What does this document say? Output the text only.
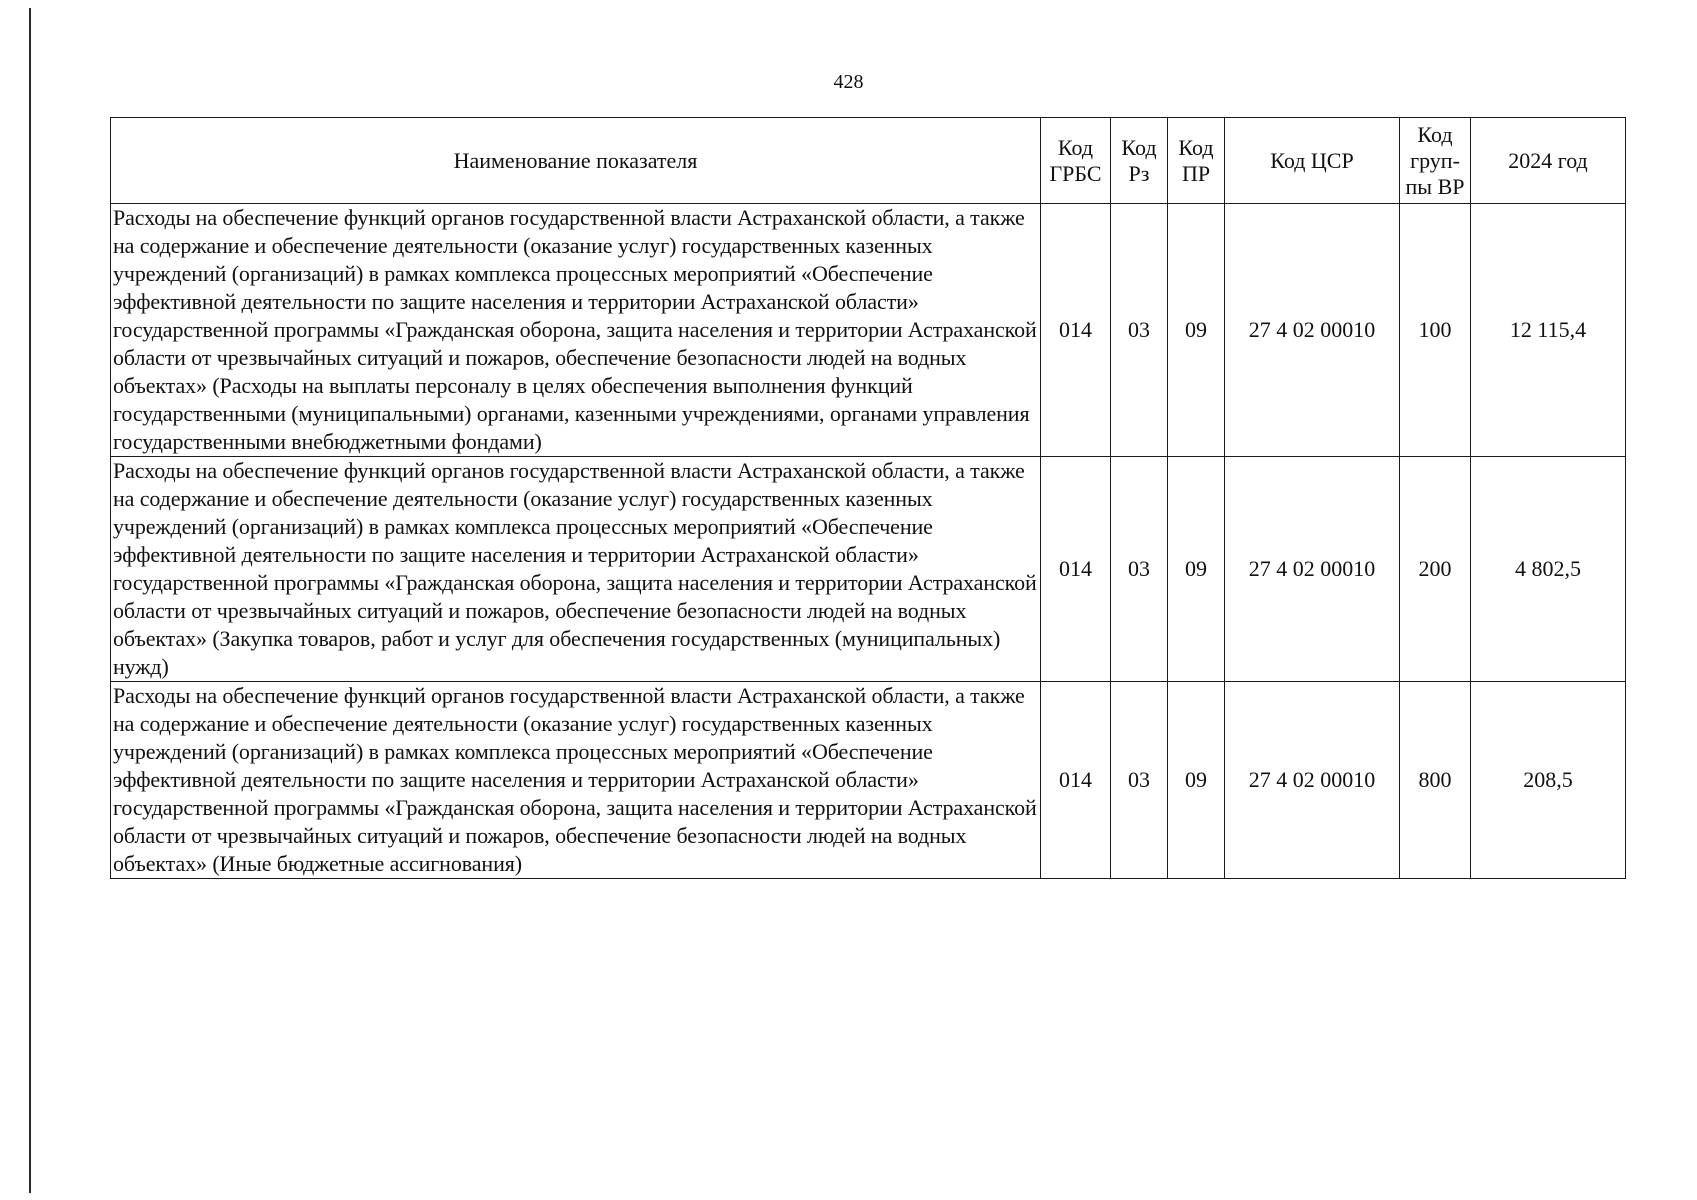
428
Наименование показателя	Код ГРБС	Код Рз	Код ПР	Код ЦСР	Код груп-пы ВР	2024 год
Расходы на обеспечение функций органов государственной власти Астраханской области, а также на содержание и обеспечение деятельности (оказание услуг) государственных казенных учреждений (организаций) в рамках комплекса процессных мероприятий «Обеспечение эффективной деятельности по защите населения и территории Астраханской области» государственной программы «Гражданская оборона, защита населения и территории Астраханской области от чрезвычайных ситуаций и пожаров, обеспечение безопасности людей на водных объектах» (Расходы на выплаты персоналу в целях обеспечения выполнения функций государственными (муниципальными) органами, казенными учреждениями, органами управления государственными внебюджетными фондами)	014	03	09	27 4 02 00010	100	12 115,4
Расходы на обеспечение функций органов государственной власти Астраханской области, а также на содержание и обеспечение деятельности (оказание услуг) государственных казенных учреждений (организаций) в рамках комплекса процессных мероприятий «Обеспечение эффективной деятельности по защите населения и территории Астраханской области» государственной программы «Гражданская оборона, защита населения и территории Астраханской области от чрезвычайных ситуаций и пожаров, обеспечение безопасности людей на водных объектах» (Закупка товаров, работ и услуг для обеспечения государственных (муниципальных) нужд)	014	03	09	27 4 02 00010	200	4 802,5
Расходы на обеспечение функций органов государственной власти Астраханской области, а также на содержание и обеспечение деятельности (оказание услуг) государственных казенных учреждений (организаций) в рамках комплекса процессных мероприятий «Обеспечение эффективной деятельности по защите населения и территории Астраханской области» государственной программы «Гражданская оборона, защита населения и территории Астраханской области от чрезвычайных ситуаций и пожаров, обеспечение безопасности людей на водных объектах» (Иные бюджетные ассигнования)	014	03	09	27 4 02 00010	800	208,5
